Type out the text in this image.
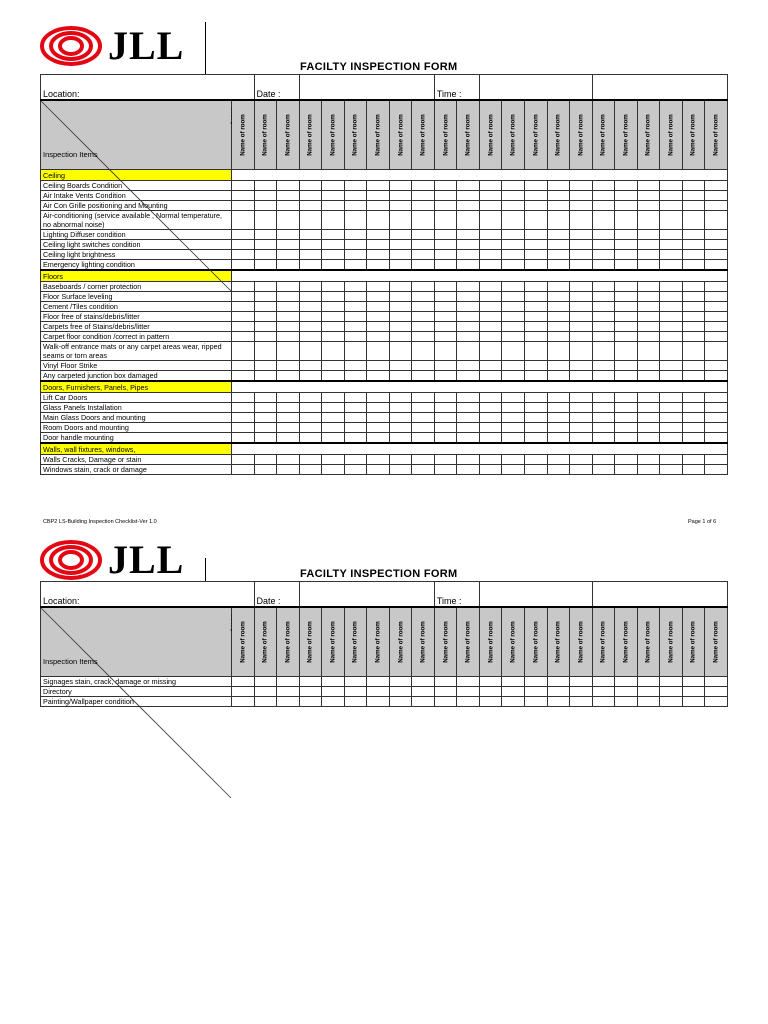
JLL	FACILTY INSPECTION FORM
Location:		Date :								Time :												

Inspection Items	Name of room	Name of room	Name of room	Name of room	Name of room	Name of room	Name of room	Name of room	Name of room	Name of room	Name of room	Name of room	Name of room	Name of room	Name of room	Name of room	Name of room	Name of room	Name of room	Name of room	Name of room	Name of room

Ceiling																						
Ceiling Boards Condition																						
Air Intake Vents Condition																						
Air Con Grille positioning and Mounting																						
Air-conditioning (service available , Normal temperature, no abnormal noise)																						
Lighting Diffuser condition																						
Ceiling light switches condition																						
Ceiling light brightness																						
Emergency lighting condition																						
Floors																						
Baseboards / corner protection																						
Floor Surface leveling																						
Cement /Tiles condition																						
Floor free of stains/debris/litter																						
Carpets free of Stains/debris/litter																						
Carpet floor condition /correct in pattern																						
Walk-off entrance mats or any carpet areas wear, ripped seams or torn areas																						
Vinyl Floor Strike																						
Any carpeted junction box damaged																						
Doors, Furnishers, Panels, Pipes																						
Lift Car Doors																						
Glass Panels Installation																						
Main Glass Doors and mounting																						
Room Doors and mounting																						
Door handle mounting																						
Walls, wall fixtures, windows,																						
Walls Cracks, Damage or stain																						
Windows stain, crack or damage																						
CBP2 LS-Building Inspection Checklist-Ver 1.0	Page 1 of 6
JLL	FACILTY INSPECTION FORM
Location:		Date :								Time :												

Inspection Items	Name of room	Name of room	Name of room	Name of room	Name of room	Name of room	Name of room	Name of room	Name of room	Name of room	Name of room	Name of room	Name of room	Name of room	Name of room	Name of room	Name of room	Name of room	Name of room	Name of room	Name of room	Name of room

Signages stain, crack, damage or missing																						
Directory																						
Painting/Wallpaper condition																						
